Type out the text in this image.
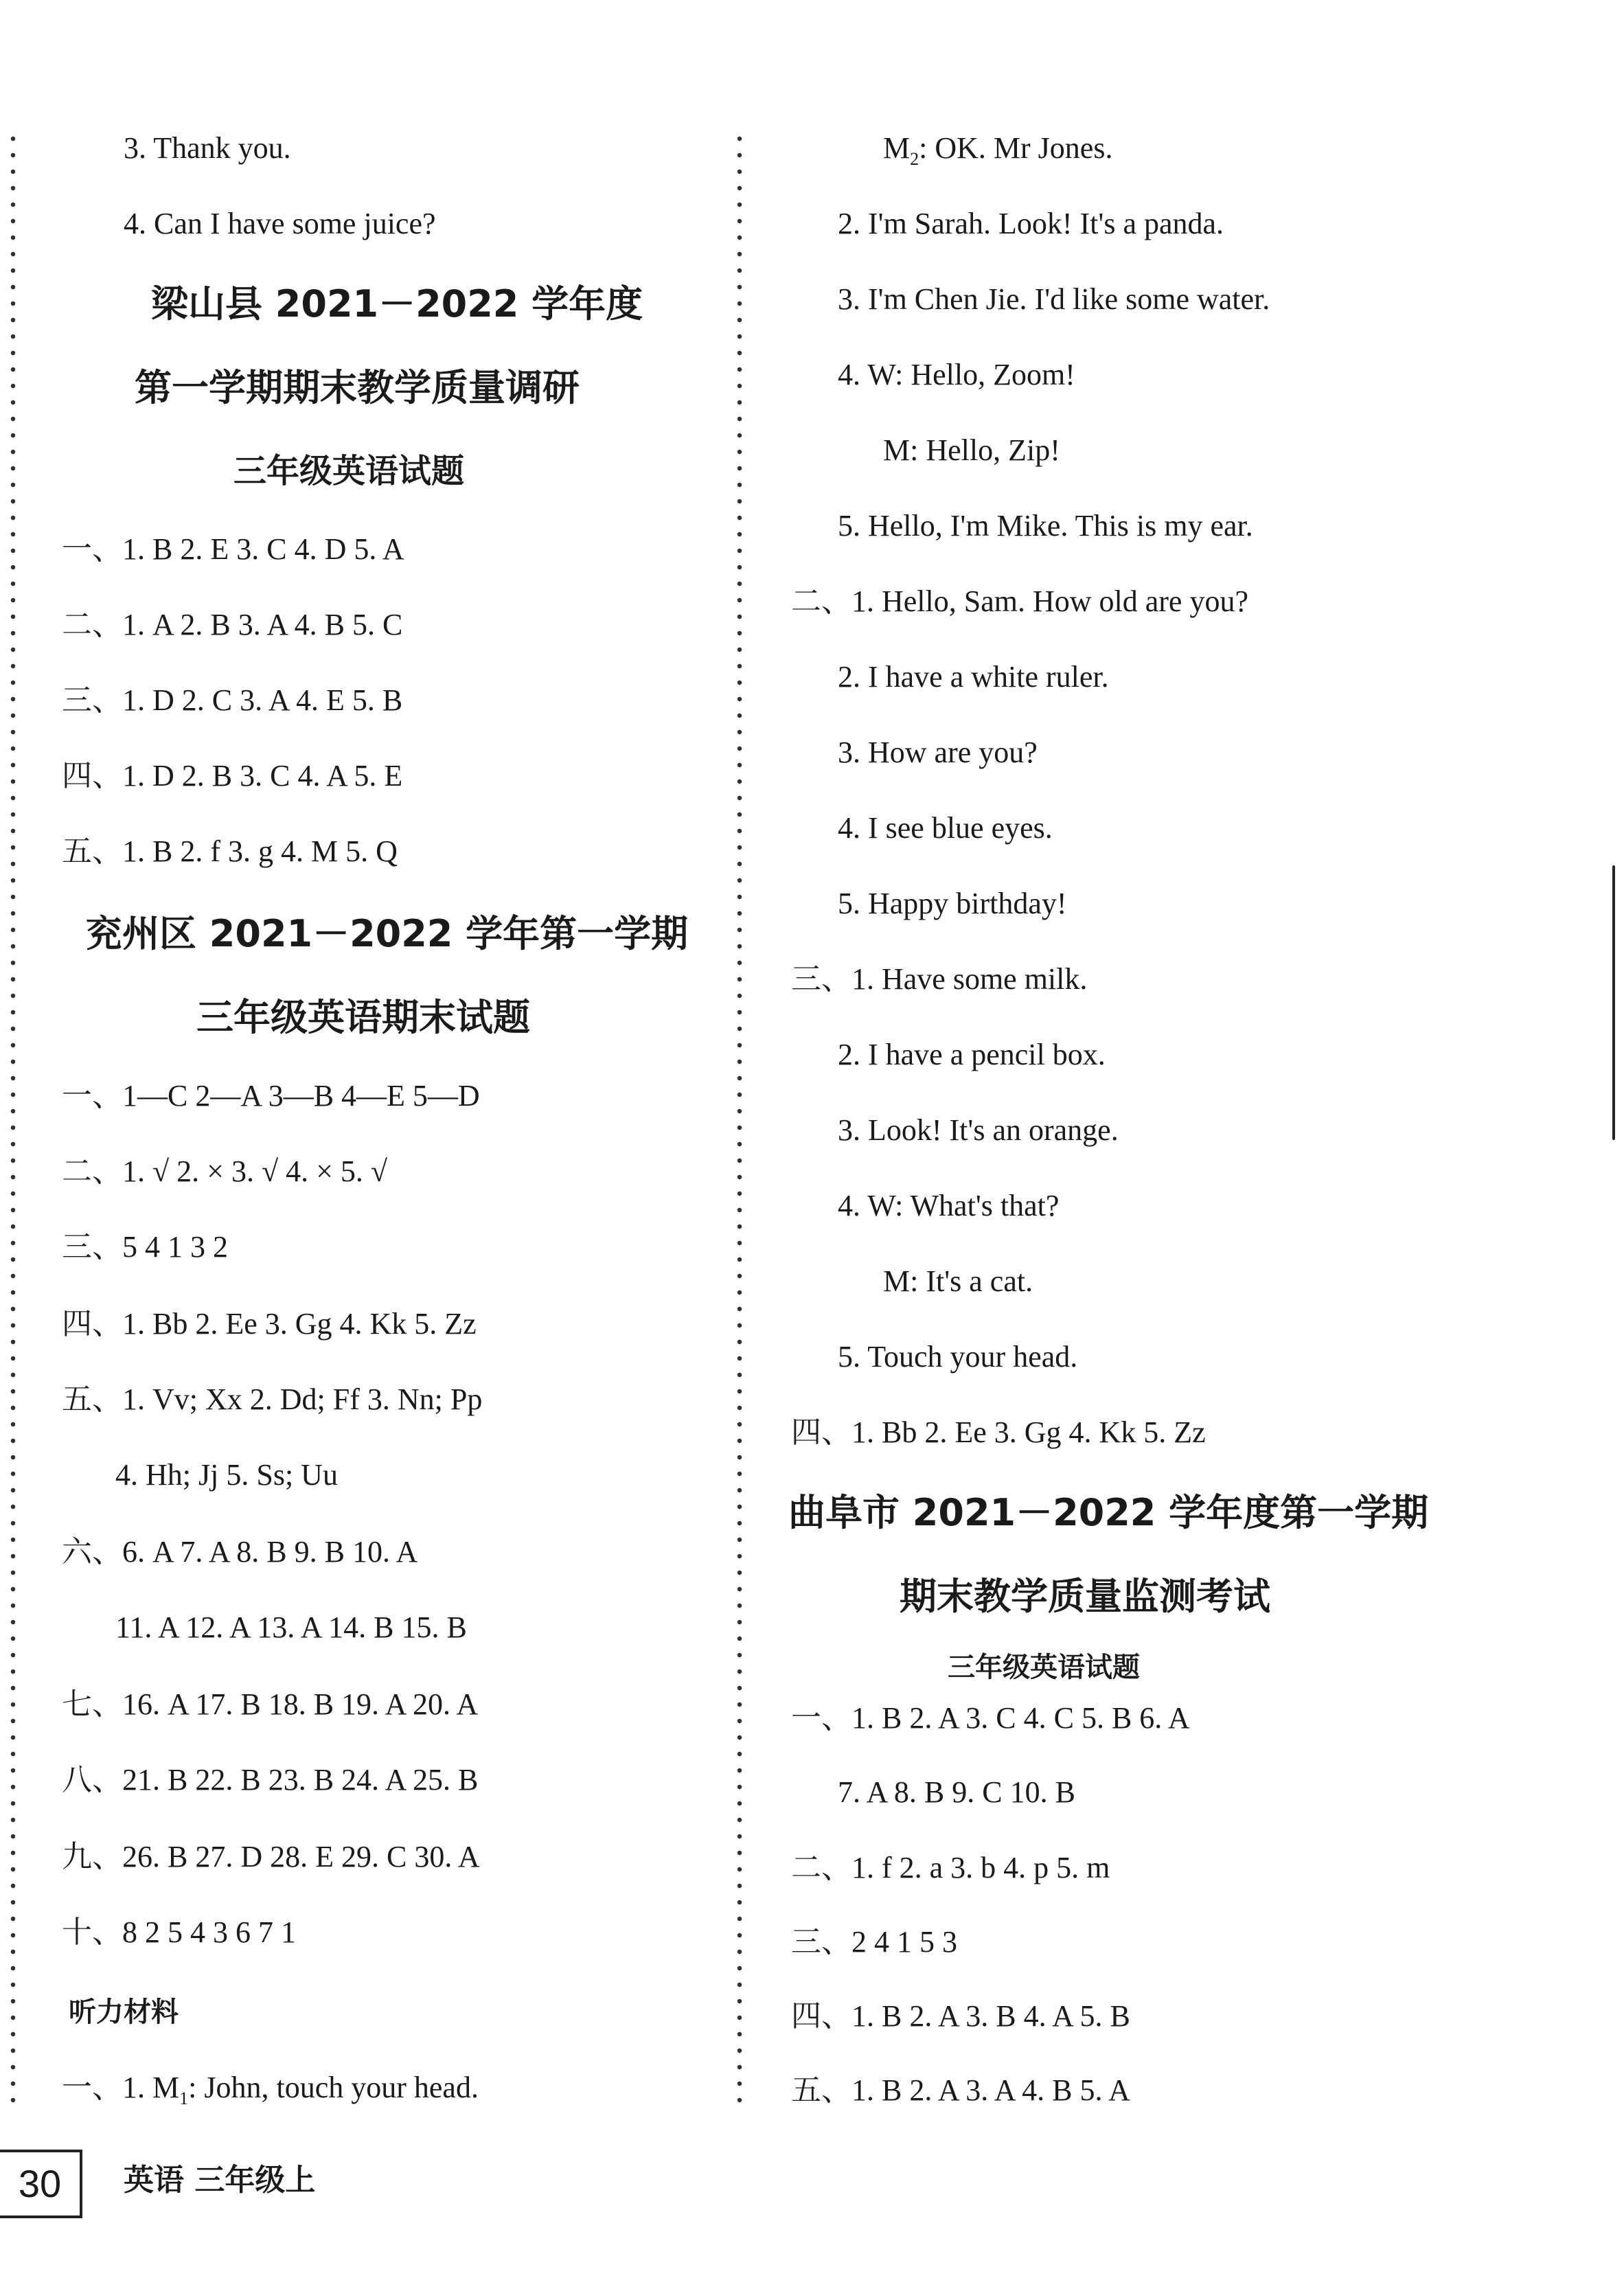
3. Thank you.
4. Can I have some juice?
梁山县 2021－2022 学年度
第一学期期末教学质量调研
三年级英语试题
一、1. B 2. E 3. C 4. D 5. A
二、1. A 2. B 3. A 4. B 5. C
三、1. D 2. C 3. A 4. E 5. B
四、1. D 2. B 3. C 4. A 5. E
五、1. B 2. f 3. g 4. M 5. Q
兖州区 2021－2022 学年第一学期
三年级英语期末试题
一、1—C 2—A 3—B 4—E 5—D
二、1. √ 2. × 3. √ 4. × 5. √
三、5 4 1 3 2
四、1. Bb 2. Ee 3. Gg 4. Kk 5. Zz
五、1. Vv; Xx 2. Dd; Ff 3. Nn; Pp
4. Hh; Jj 5. Ss; Uu
六、6. A 7. A 8. B 9. B 10. A
11. A 12. A 13. A 14. B 15. B
七、16. A 17. B 18. B 19. A 20. A
八、21. B 22. B 23. B 24. A 25. B
九、26. B 27. D 28. E 29. C 30. A
十、8 2 5 4 3 6 7 1
听力材料
一、1. $M_1$: John, touch your head.
$M_2$: OK. Mr Jones.
2. I'm Sarah. Look! It's a panda.
3. I'm Chen Jie. I'd like some water.
4. W: Hello, Zoom!
M: Hello, Zip!
5. Hello, I'm Mike. This is my ear.
二、1. Hello, Sam. How old are you?
2. I have a white ruler.
3. How are you?
4. I see blue eyes.
5. Happy birthday!
三、1. Have some milk.
2. I have a pencil box.
3. Look! It's an orange.
4. W: What's that?
M: It's a cat.
5. Touch your head.
四、1. Bb 2. Ee 3. Gg 4. Kk 5. Zz
曲阜市 2021－2022 学年度第一学期
期末教学质量监测考试
三年级英语试题
一、1. B 2. A 3. C 4. C 5. B 6. A
7. A 8. B 9. C 10. B
二、1. f 2. a 3. b 4. p 5. m
三、2 4 1 5 3
四、1. B 2. A 3. B 4. A 5. B
五、1. B 2. A 3. A 4. B 5. A
30	英语 三年级上
